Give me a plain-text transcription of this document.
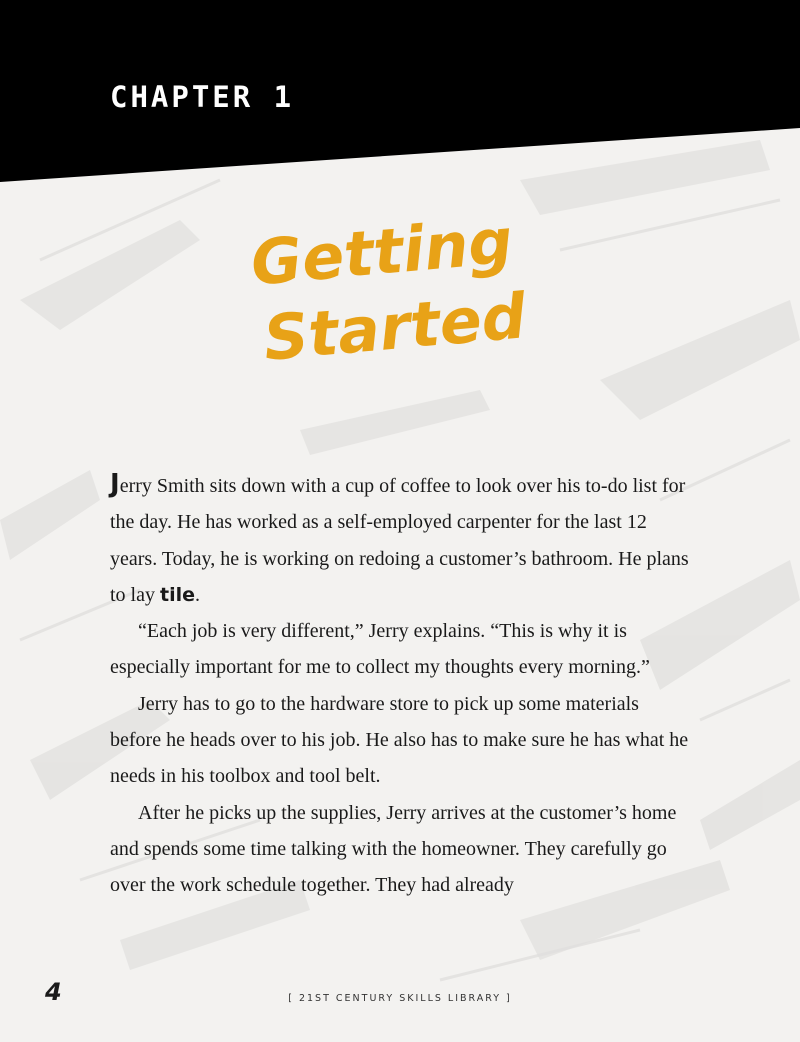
CHAPTER 1
Getting
Started

Jerry Smith sits down with a cup of coffee to look over his to-do list for the day. He has worked as a self-employed carpenter for the last 12 years. Today, he is working on redoing a customer’s bathroom. He plans to lay tile.

“Each job is very different,” Jerry explains. “This is why it is especially important for me to collect my thoughts every morning.”

Jerry has to go to the hardware store to pick up some materials before he heads over to his job. He also has to make sure he has what he needs in his toolbox and tool belt.

After he picks up the supplies, Jerry arrives at the customer’s home and spends some time talking with the homeowner. They carefully go over the work schedule together. They had already

4	[ 21ST CENTURY SKILLS LIBRARY ]
